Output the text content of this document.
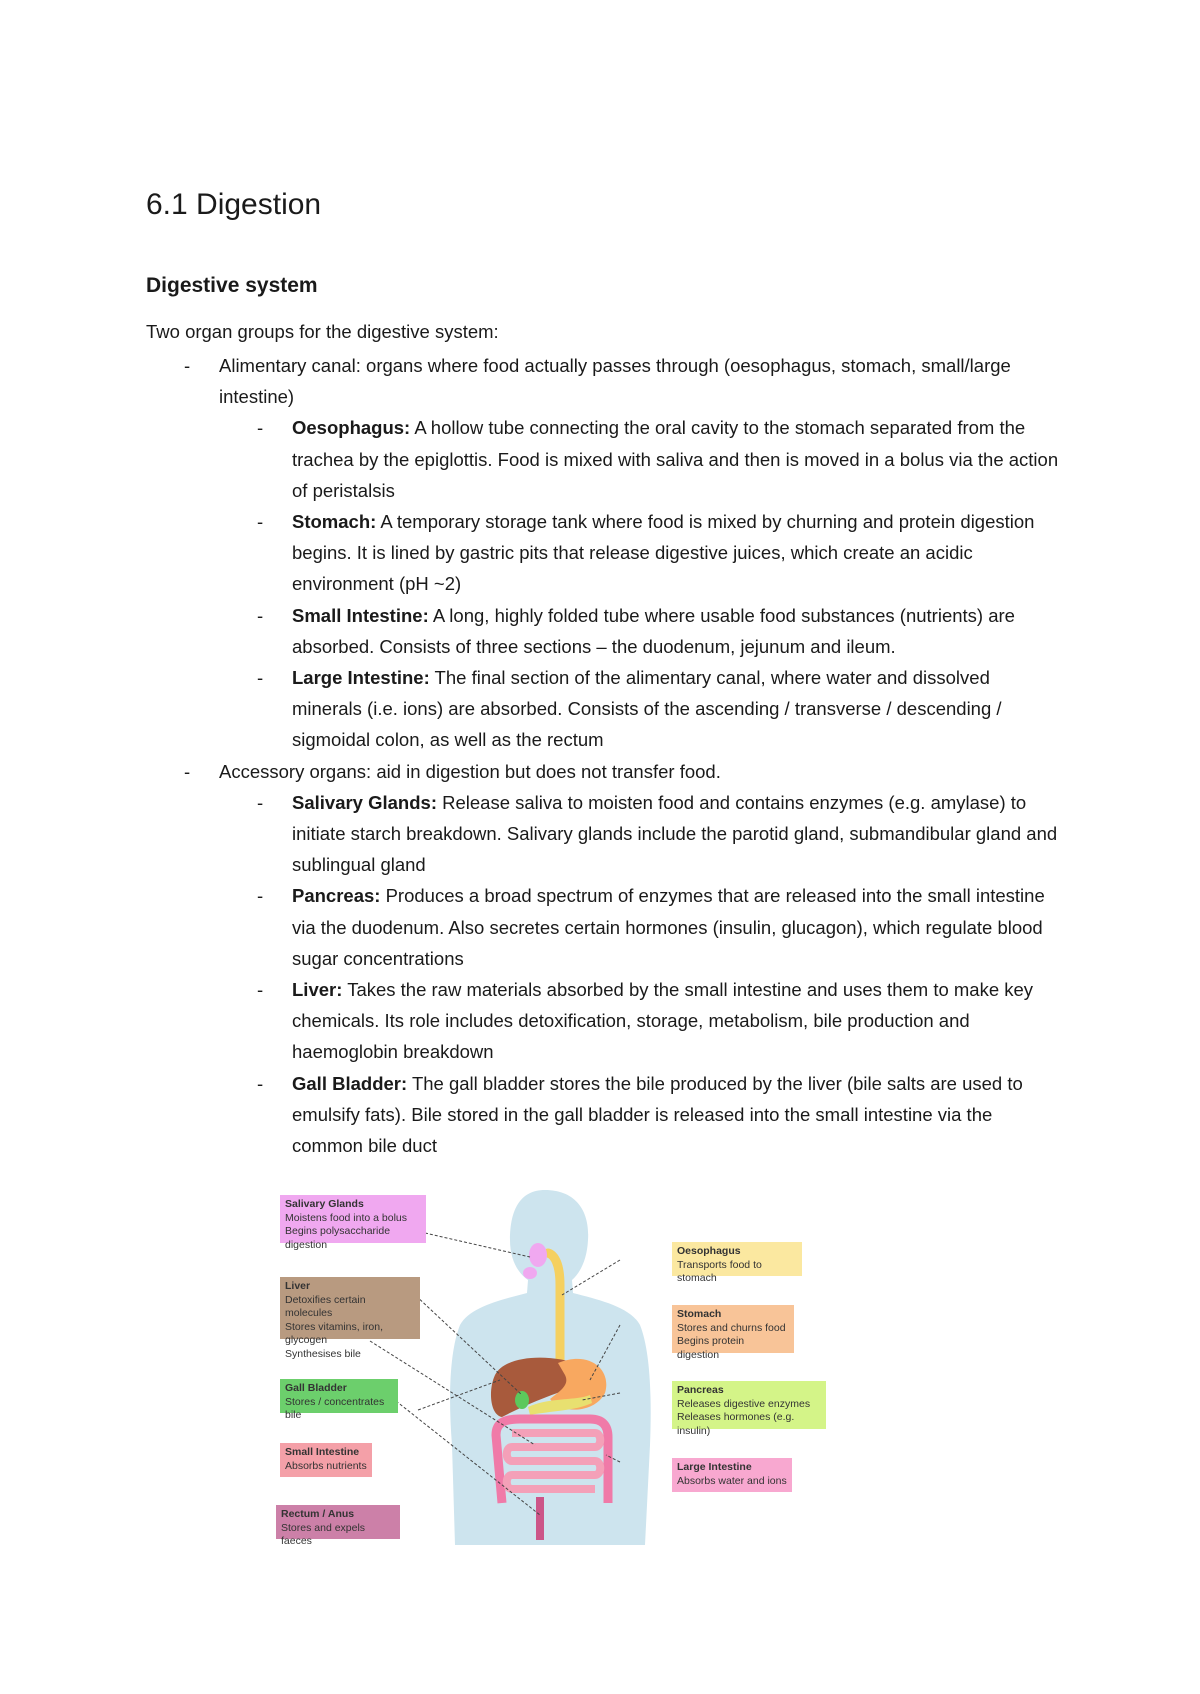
6.1 Digestion
Digestive system

Two organ groups for the digestive system:

- Alimentary canal: organs where food actually passes through (oesophagus, stomach, small/large intestine)
- Oesophagus: A hollow tube connecting the oral cavity to the stomach separated from the trachea by the epiglottis. Food is mixed with saliva and then is moved in a bolus via the action of peristalsis
- Stomach: A temporary storage tank where food is mixed by churning and protein digestion begins. It is lined by gastric pits that release digestive juices, which create an acidic environment (pH ~2)
- Small Intestine: A long, highly folded tube where usable food substances (nutrients) are absorbed. Consists of three sections – the duodenum, jejunum and ileum.
- Large Intestine: The final section of the alimentary canal, where water and dissolved minerals (i.e. ions) are absorbed. Consists of the ascending / transverse / descending / sigmoidal colon, as well as the rectum
- Accessory organs: aid in digestion but does not transfer food.
- Salivary Glands: Release saliva to moisten food and contains enzymes (e.g. amylase) to initiate starch breakdown. Salivary glands include the parotid gland, submandibular gland and sublingual gland
- Pancreas: Produces a broad spectrum of enzymes that are released into the small intestine via the duodenum. Also secretes certain hormones (insulin, glucagon), which regulate blood sugar concentrations
- Liver: Takes the raw materials absorbed by the small intestine and uses them to make key chemicals. Its role includes detoxification, storage, metabolism, bile production and haemoglobin breakdown
- Gall Bladder: The gall bladder stores the bile produced by the liver (bile salts are used to emulsify fats). Bile stored in the gall bladder is released into the small intestine via the common bile duct
Salivary Glands
Moistens food into a bolus
Begins polysaccharide digestion
Liver
Detoxifies certain molecules
Stores vitamins, iron, glycogen
Synthesises bile
Gall Bladder
Stores / concentrates bile
Small Intestine
Absorbs nutrients
Rectum / Anus
Stores and expels faeces
Oesophagus
Transports food to stomach
Stomach
Stores and churns food
Begins protein digestion
Pancreas
Releases digestive enzymes
Releases hormones (e.g. insulin)
Large Intestine
Absorbs water and ions
